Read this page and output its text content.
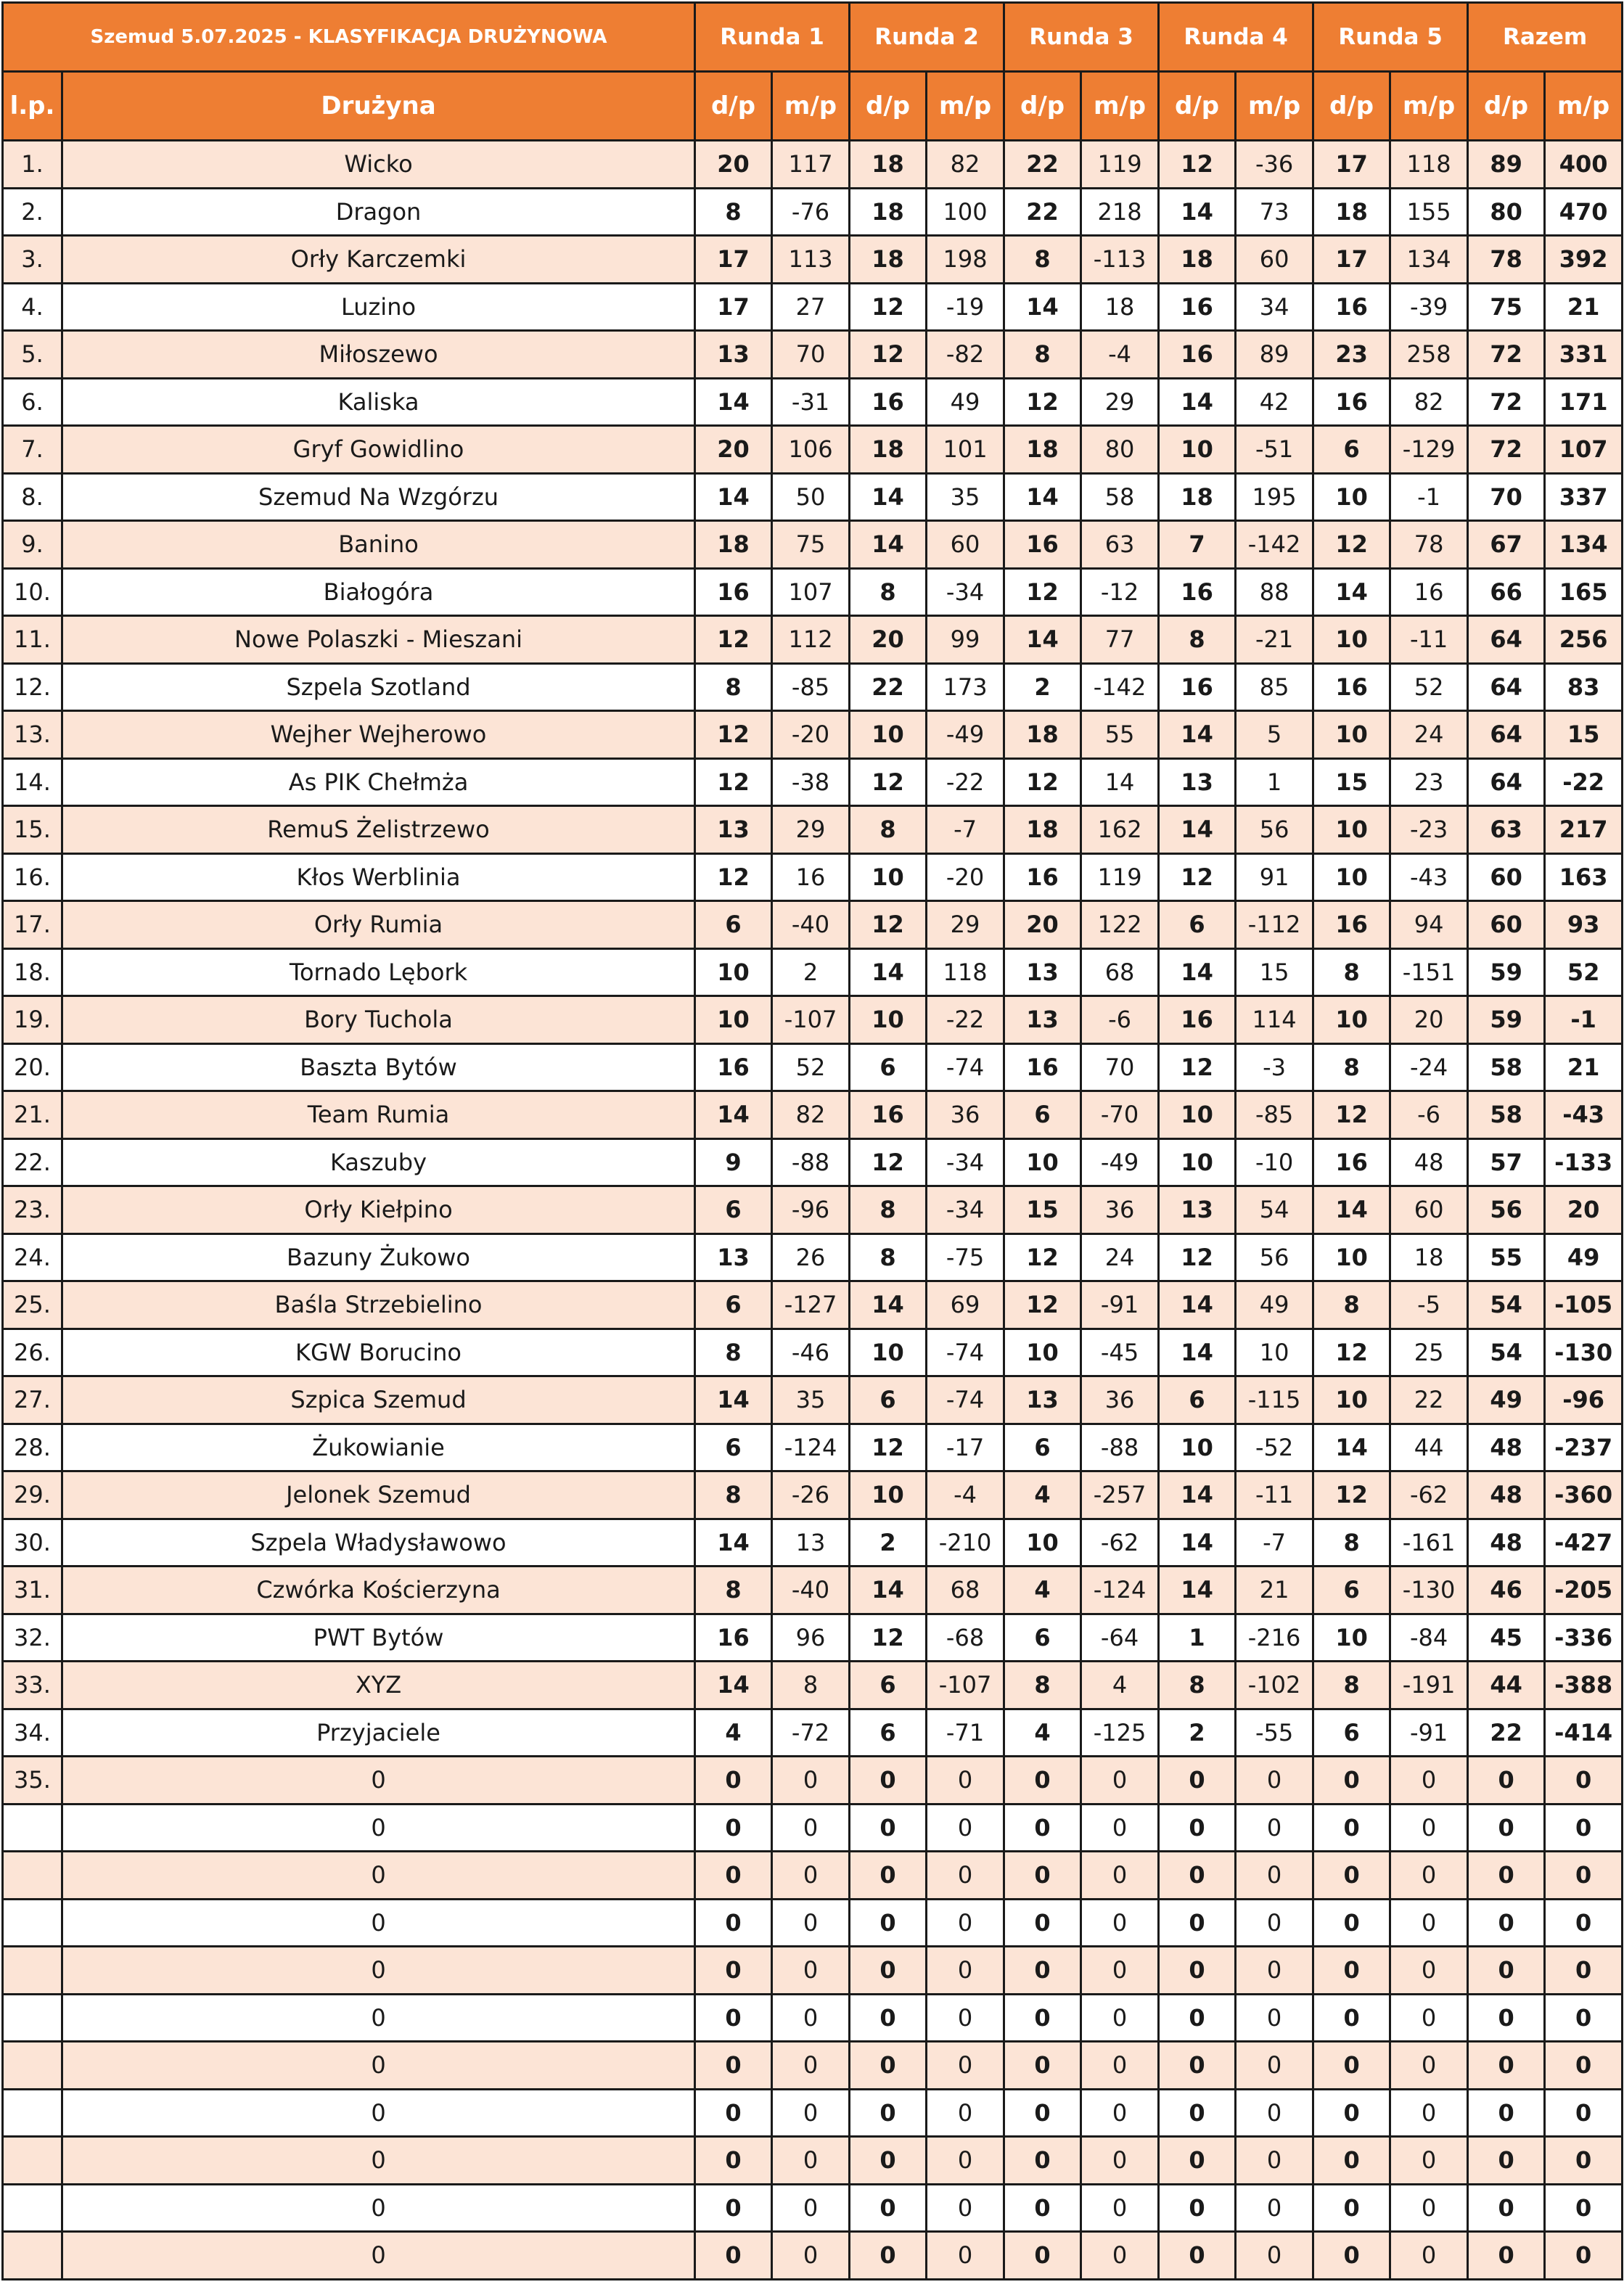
Szemud 5.07.2025 - KLASYFIKACJA DRUŻYNOWA		Runda 1		Runda 2		Runda 3		Runda 4		Runda 5		Razem	
l.p.	Drużyna	d/p	m/p	d/p	m/p	d/p	m/p	d/p	m/p	d/p	m/p	d/p	m/p
1.	Wicko	20	117	18	82	22	119	12	-36	17	118	89	400
2.	Dragon	8	-76	18	100	22	218	14	73	18	155	80	470
3.	Orły Karczemki	17	113	18	198	8	-113	18	60	17	134	78	392
4.	Luzino	17	27	12	-19	14	18	16	34	16	-39	75	21
5.	Miłoszewo	13	70	12	-82	8	-4	16	89	23	258	72	331
6.	Kaliska	14	-31	16	49	12	29	14	42	16	82	72	171
7.	Gryf Gowidlino	20	106	18	101	18	80	10	-51	6	-129	72	107
8.	Szemud Na Wzgórzu	14	50	14	35	14	58	18	195	10	-1	70	337
9.	Banino	18	75	14	60	16	63	7	-142	12	78	67	134
10.	Białogóra	16	107	8	-34	12	-12	16	88	14	16	66	165
11.	Nowe Polaszki - Mieszani	12	112	20	99	14	77	8	-21	10	-11	64	256
12.	Szpela Szotland	8	-85	22	173	2	-142	16	85	16	52	64	83
13.	Wejher Wejherowo	12	-20	10	-49	18	55	14	5	10	24	64	15
14.	As PIK Chełmża	12	-38	12	-22	12	14	13	1	15	23	64	-22
15.	RemuS Żelistrzewo	13	29	8	-7	18	162	14	56	10	-23	63	217
16.	Kłos Werblinia	12	16	10	-20	16	119	12	91	10	-43	60	163
17.	Orły Rumia	6	-40	12	29	20	122	6	-112	16	94	60	93
18.	Tornado Lębork	10	2	14	118	13	68	14	15	8	-151	59	52
19.	Bory Tuchola	10	-107	10	-22	13	-6	16	114	10	20	59	-1
20.	Baszta Bytów	16	52	6	-74	16	70	12	-3	8	-24	58	21
21.	Team Rumia	14	82	16	36	6	-70	10	-85	12	-6	58	-43
22.	Kaszuby	9	-88	12	-34	10	-49	10	-10	16	48	57	-133
23.	Orły Kiełpino	6	-96	8	-34	15	36	13	54	14	60	56	20
24.	Bazuny Żukowo	13	26	8	-75	12	24	12	56	10	18	55	49
25.	Baśla Strzebielino	6	-127	14	69	12	-91	14	49	8	-5	54	-105
26.	KGW Borucino	8	-46	10	-74	10	-45	14	10	12	25	54	-130
27.	Szpica Szemud	14	35	6	-74	13	36	6	-115	10	22	49	-96
28.	Żukowianie	6	-124	12	-17	6	-88	10	-52	14	44	48	-237
29.	Jelonek Szemud	8	-26	10	-4	4	-257	14	-11	12	-62	48	-360
30.	Szpela Władysławowo	14	13	2	-210	10	-62	14	-7	8	-161	48	-427
31.	Czwórka Kościerzyna	8	-40	14	68	4	-124	14	21	6	-130	46	-205
32.	PWT Bytów	16	96	12	-68	6	-64	1	-216	10	-84	45	-336
33.	XYZ	14	8	6	-107	8	4	8	-102	8	-191	44	-388
34.	Przyjaciele	4	-72	6	-71	4	-125	2	-55	6	-91	22	-414
35.	0	0	0	0	0	0	0	0	0	0	0	0	0
	0	0	0	0	0	0	0	0	0	0	0	0	0
	0	0	0	0	0	0	0	0	0	0	0	0	0
	0	0	0	0	0	0	0	0	0	0	0	0	0
	0	0	0	0	0	0	0	0	0	0	0	0	0
	0	0	0	0	0	0	0	0	0	0	0	0	0
	0	0	0	0	0	0	0	0	0	0	0	0	0
	0	0	0	0	0	0	0	0	0	0	0	0	0
	0	0	0	0	0	0	0	0	0	0	0	0	0
	0	0	0	0	0	0	0	0	0	0	0	0	0
	0	0	0	0	0	0	0	0	0	0	0	0	0
